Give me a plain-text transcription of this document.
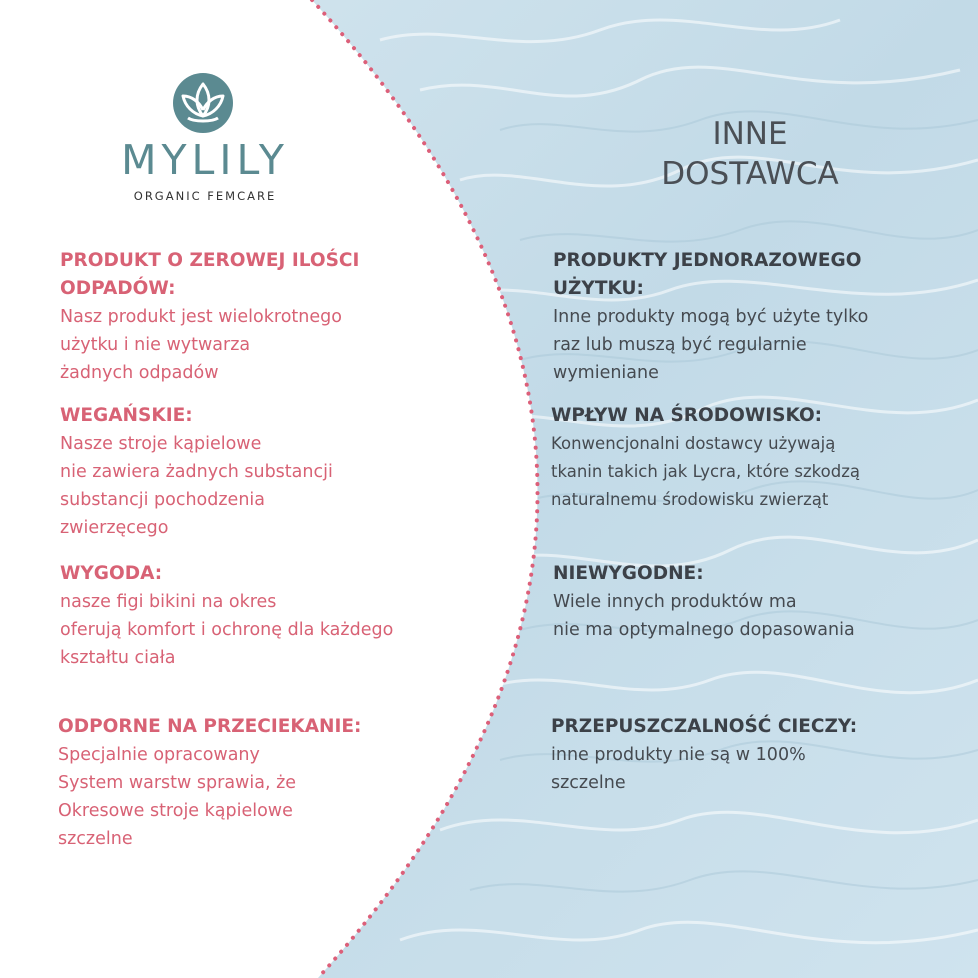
MYLILY
ORGANIC FEMCARE
INNE
DOSTAWCA
PRODUKT O ZEROWEJ ILOŚCI
ODPADÓW:
Nasz produkt jest wielokrotnego
użytku i nie wytwarza
żadnych odpadów
WEGAŃSKIE:
Nasze stroje kąpielowe
nie zawiera żadnych substancji
substancji pochodzenia
zwierzęcego
WYGODA:
nasze figi bikini na okres
oferują komfort i ochronę dla każdego
kształtu ciała
ODPORNE NA PRZECIEKANIE:
Specjalnie opracowany
System warstw sprawia, że
Okresowe stroje kąpielowe
szczelne
PRODUKTY JEDNORAZOWEGO
UŻYTKU:
Inne produkty mogą być użyte tylko
raz lub muszą być regularnie
wymieniane
WPŁYW NA ŚRODOWISKO:
Konwencjonalni dostawcy używają
tkanin takich jak Lycra, które szkodzą
naturalnemu środowisku zwierząt
NIEWYGODNE:
Wiele innych produktów ma
nie ma optymalnego dopasowania
PRZEPUSZCZALNOŚĆ CIECZY:
inne produkty nie są w 100%
szczelne
